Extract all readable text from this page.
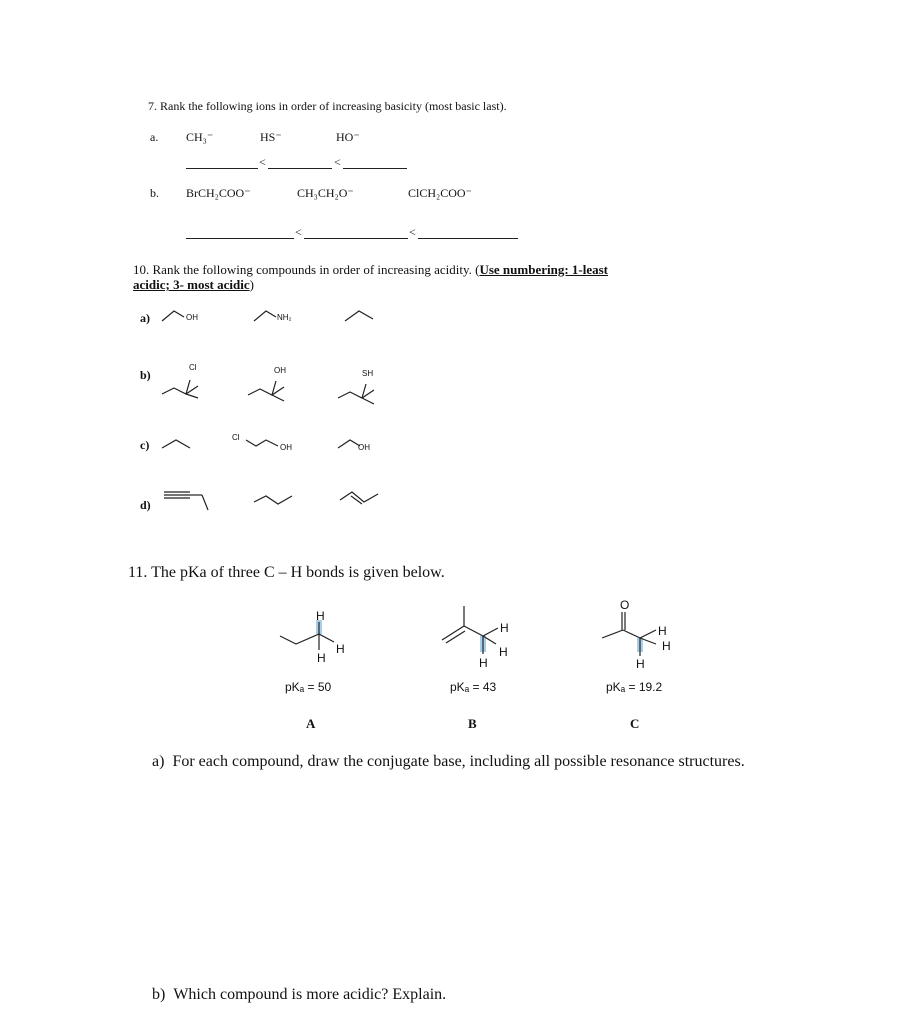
7. Rank the following ions in order of increasing basicity (most basic last).
a. CH₃⁻	HS⁻	HO⁻
<	<
b. BrCH₂COO⁻	CH₃CH₂O⁻	ClCH₂COO⁻
<	<
10. Rank the following compounds in order of increasing acidity. (Use numbering: 1-least
acidic; 3- most acidic)
a)	OH	NH₂
b)
Cl	OH	SH
c)
Cl
OH	OH
d)
11. The pKa of three C – H bonds is given below.
H
H
H
pKₐ = 50
A
H
H
H
pKₐ = 43
B
O
H
H
H
pKₐ = 19.2
C
a) For each compound, draw the conjugate base, including all possible resonance structures.
b) Which compound is more acidic? Explain.
